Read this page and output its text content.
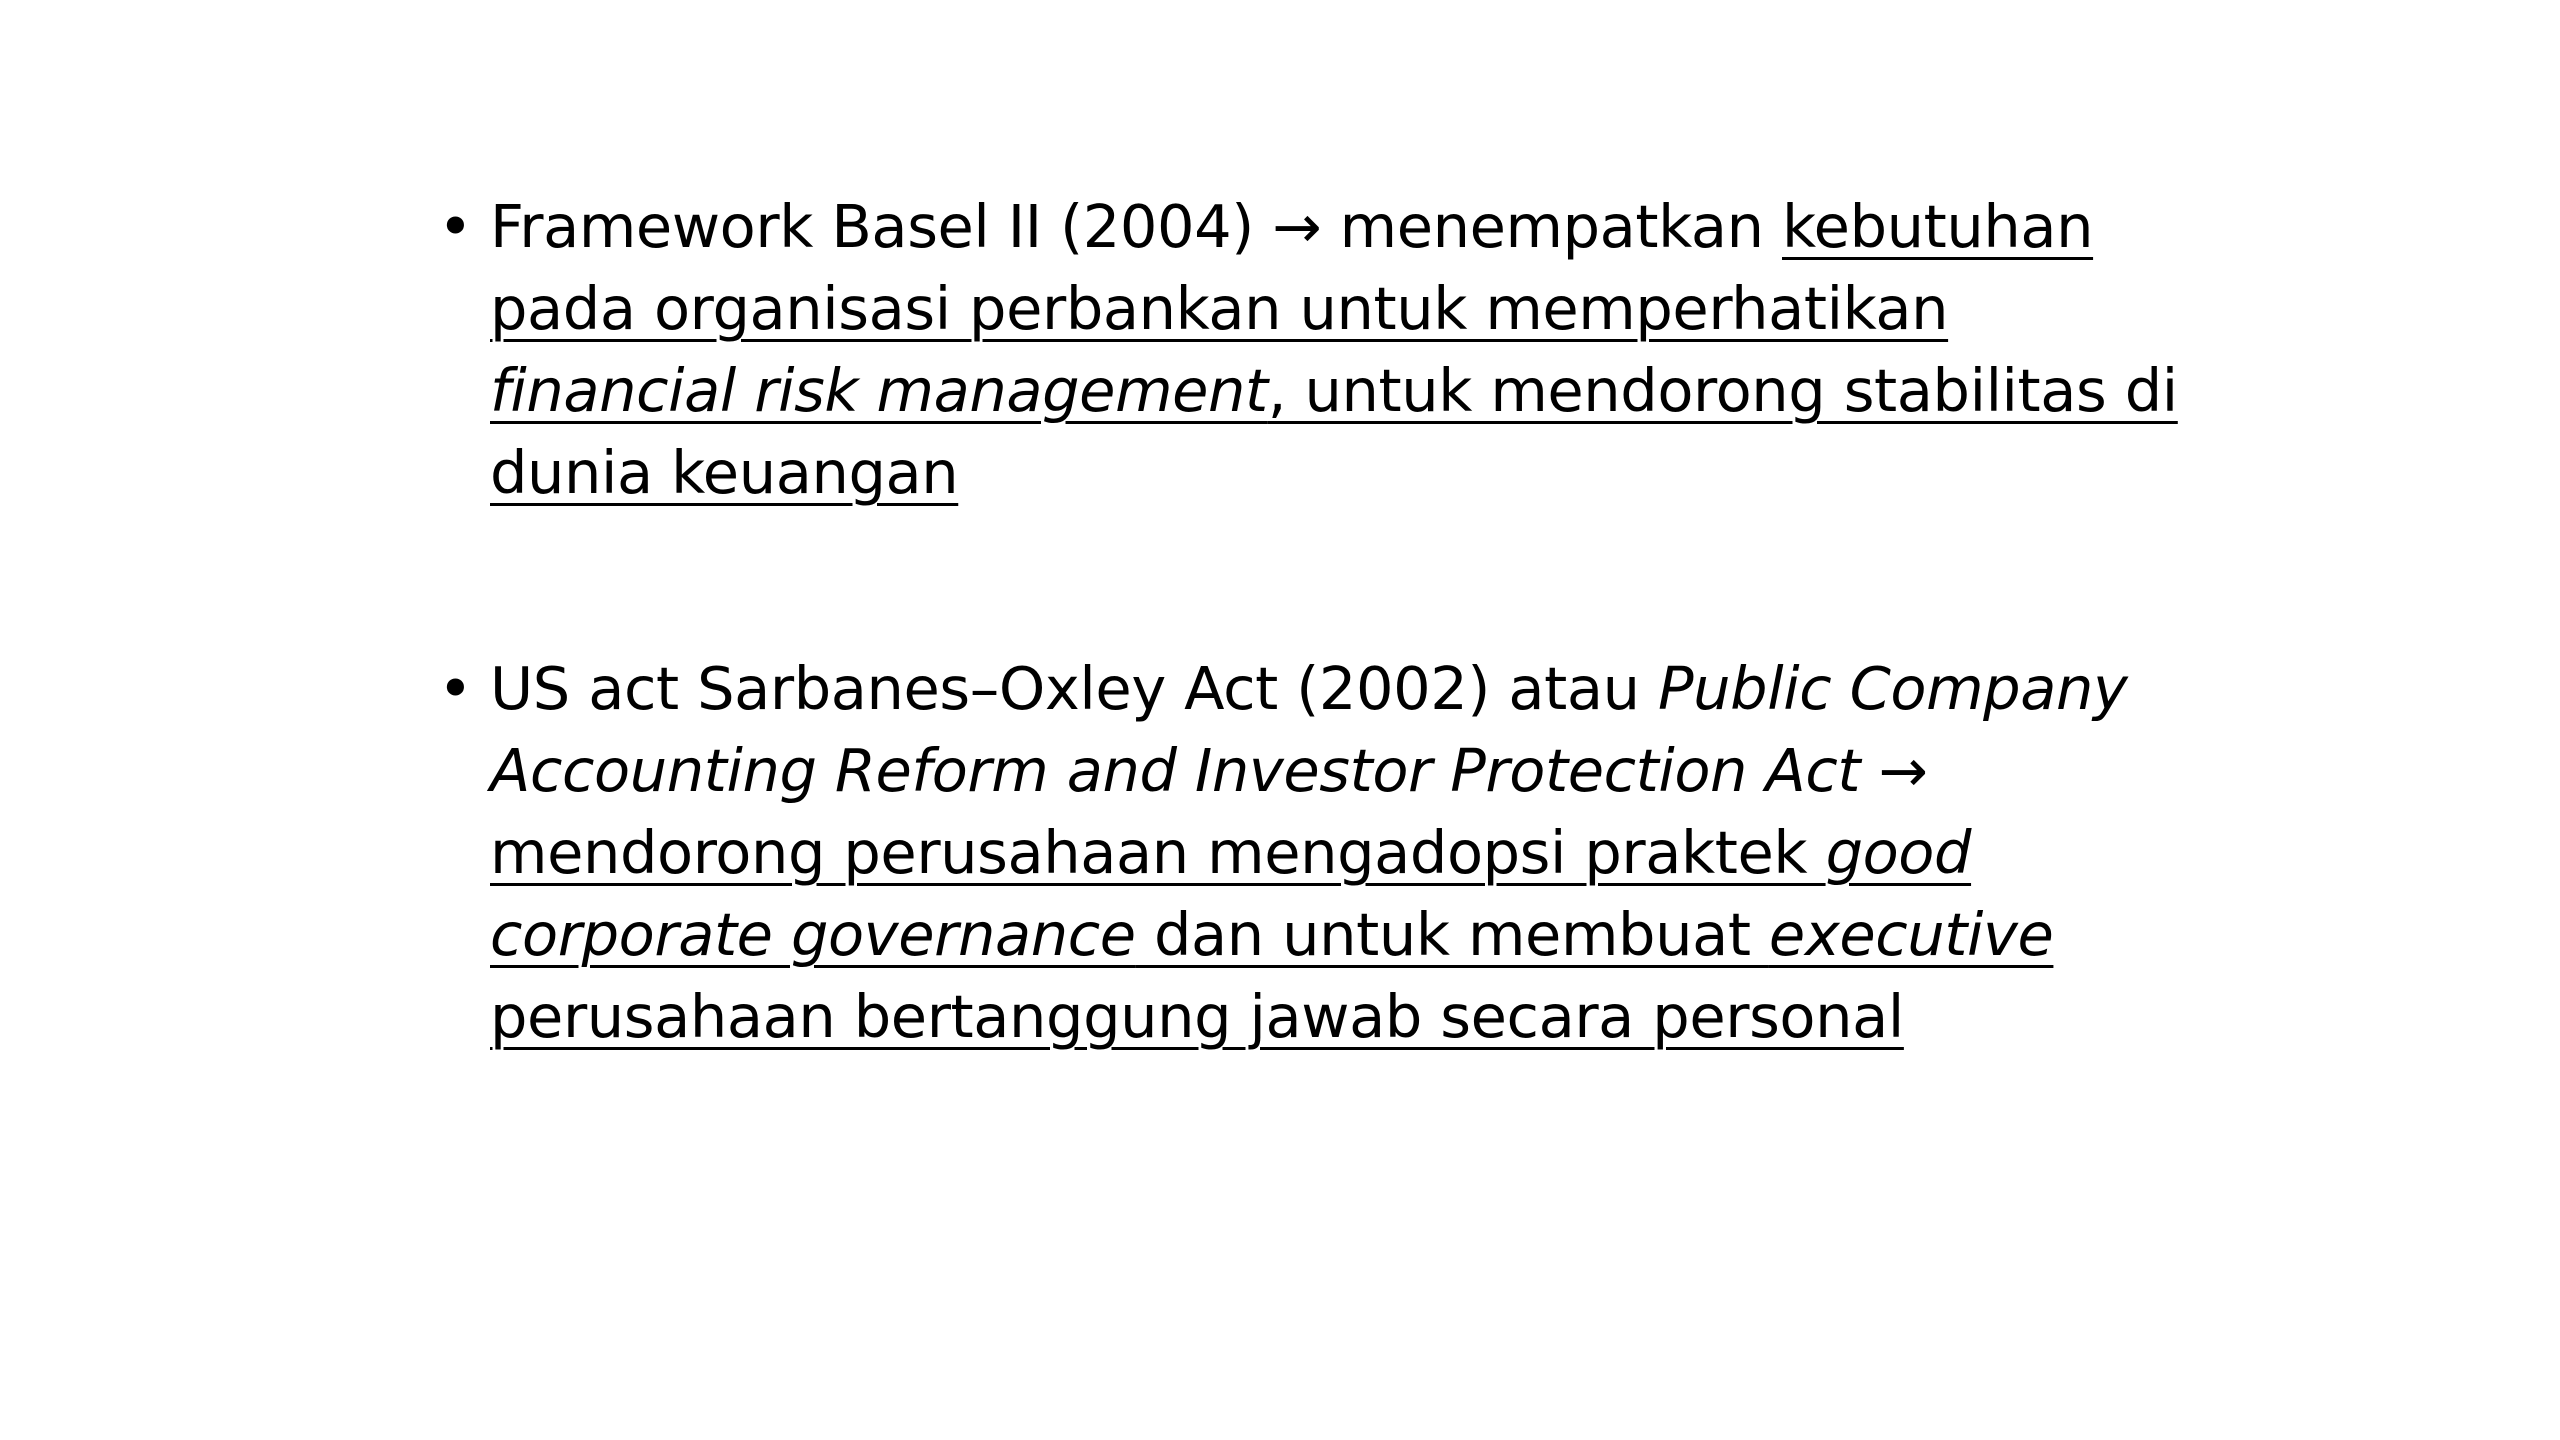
• Framework Basel II (2004) → menempatkan kebutuhan pada organisasi perbankan untuk memperhatikan financial risk management, untuk mendorong stabilitas di dunia keuangan
• US act Sarbanes–Oxley Act (2002) atau Public Company Accounting Reform and Investor Protection Act → mendorong perusahaan mengadopsi praktek good corporate governance dan untuk membuat executive perusahaan bertanggung jawab secara personal
